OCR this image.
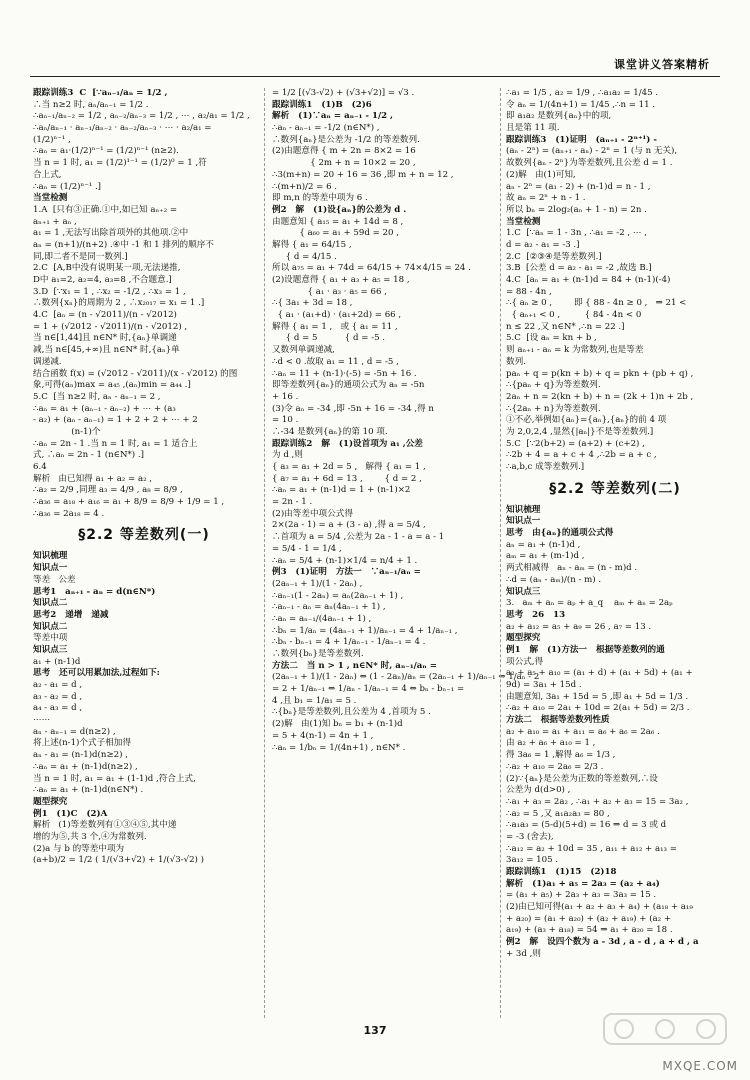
课堂讲义答案精析
跟踪训练3  C  [∵aₙ₋₁/aₙ = 1/2 ,
∴当 n≥2 时, aₙ/aₙ₋₁ = 1/2 .
∴aₙ₋₁/aₙ₋₂ = 1/2 , aₙ₋₂/aₙ₋₃ = 1/2 , ⋯ , a₂/a₁ = 1/2 ,
∴aₙ/aₙ₋₁ · aₙ₋₁/aₙ₋₂ · aₙ₋₂/aₙ₋₃ · ⋯ · a₂/a₁ =
(1/2)ⁿ⁻¹ ,
∴aₙ = a₁·(1/2)ⁿ⁻¹ = (1/2)ⁿ⁻¹ (n≥2).
当 n = 1 时, a₁ = (1/2)¹⁻¹ = (1/2)⁰ = 1 ,符
合上式,
∴aₙ = (1/2)ⁿ⁻¹ .]
当堂检测
1.A  [只有③正确.①中,如已知 aₙ₊₂ =
aₙ₊₁ + aₙ ,
a₁ = 1 ,无法写出除首项外的其他项.②中
aₙ = (n+1)/(n+2) .④中 -1 和 1 排列的顺序不
同,即二者不是同一数列.]
2.C  [A,B中没有说明某一项,无法递推,
D中 a₁=2, a₂=4, a₃=8 ,不合题意.]
3.D  [∵x₁ = 1 , ∴x₂ = -1/2 , ∴x₃ = 1 ,
∴数列{xₙ}的周期为 2 , ∴x₂₀₁₇ = x₁ = 1 .]
4.C  [aₙ = (n - √2011)/(n - √2012)
= 1 + (√2012 - √2011)/(n - √2012) ,
当 n∈[1,44]且 n∈N* 时,{aₙ}单调递
减,当 n∈[45,+∞)且 n∈N* 时,{aₙ}单
调递减.
结合函数 f(x) = (√2012 - √2011)/(x - √2012) 的图
象,可得(aₙ)max = a₄₅ ,(aₙ)min = a₄₄ .]
5.C  [当 n≥2 时, aₙ - aₙ₋₁ = 2 ,
∴aₙ = a₁ + (aₙ₋₁ - aₙ₋₂) + ⋯ + (a₃
- a₂) + (aₙ - aₙ₋₁) = 1 + 2 + 2 + ⋯ + 2
(n-1)个
∴aₙ = 2n - 1 .当 n = 1 时, a₁ = 1 适合上
式, ∴aₙ = 2n - 1 (n∈N*) .]
6.4
解析   由已知得 a₁ + a₂ = a₂ ,
∴a₂ = 2/9 ,同理 a₃ = 4/9 , a₈ = 8/9 ,
∴a₃₆ = a₁₈ + a₁₆ = a₁ + 8/9 = 8/9 + 1/9 = 1 ,
∴a₃₆ = 2a₁₈ = 4 .
§2.2 等差数列(一)
知识梳理
知识点一
等差   公差
思考1   aₙ₊₁ - aₙ = d(n∈N*)
知识点二
思考2   递增   递减
知识点二
等差中项
知识点三
a₁ + (n-1)d
思考   还可以用累加法,过程如下:
a₂ - a₁ = d ,
a₃ - a₂ = d ,
a₄ - a₃ = d ,
⋯⋯
aₙ - aₙ₋₁ = d(n≥2) ,
将上述(n-1)个式子相加得
aₙ - a₁ = (n-1)d(n≥2) ,
∴aₙ = a₁ + (n-1)d(n≥2) ,
当 n = 1 时, a₁ = a₁ + (1-1)d ,符合上式,
∴aₙ = a₁ + (n-1)d(n∈N*) .
题型探究
例1   (1)C   (2)A
解析   (1)等差数列有①③④⑤,其中递
增的为⑤,共 3 个,④为常数列.
(2)a 与 b 的等差中项为
(a+b)/2 = 1/2 ( 1/(√3+√2) + 1/(√3-√2) )
= 1/2 [(√3-√2) + (√3+√2)] = √3 .
跟踪训练1   (1)B   (2)6
解析   (1)∵aₙ = aₙ₋₁ - 1/2 ,
∴aₙ - aₙ₋₁ = -1/2 (n∈N*) ,
∴数列{aₙ}是公差为 -1/2 的等差数列.
(2)由题意得 { m + 2n = 8×2 = 16
{ 2m + n = 10×2 = 20 ,
∴3(m+n) = 20 + 16 = 36 ,即 m + n = 12 ,
∴(m+n)/2 = 6 .
即 m,n 的等差中项为 6 .
例2   解   (1)设{aₙ}的公差为 d .
由题意知 { a₁₅ = a₁ + 14d = 8 ,
{ a₆₀ = a₁ + 59d = 20 ,
解得 { a₁ = 64/15 ,
{ d = 4/15 .
所以 a₇₅ = a₁ + 74d = 64/15 + 74×4/15 = 24 .
(2)设题意得 { a₁ + a₃ + a₅ = 18 ,
{ a₁ · a₃ · a₅ = 66 ,
∴{ 3a₁ + 3d = 18 ,
{ a₁ · (a₁+d) · (a₁+2d) = 66 ,
解得 { a₁ = 1 ,   或 { a₁ = 11 ,
{ d = 5          { d = -5 .
又数列单调递减,
∴d < 0 .故取 a₁ = 11 , d = -5 ,
∴aₙ = 11 + (n-1)·(-5) = -5n + 16 .
即等差数列{aₙ}的通项公式为 aₙ = -5n
+ 16 .
(3)令 aₙ = -34 ,即 -5n + 16 = -34 ,得 n
= 10 .
∴-34 是数列{aₙ}的第 10 项.
跟踪训练2   解   (1)设首项为 a₁ ,公差
为 d ,则
{ a₃ = a₁ + 2d = 5 ,   解得 { a₁ = 1 ,
{ a₇ = a₁ + 6d = 13 ,        { d = 2 ,
∴aₙ = a₁ + (n-1)d = 1 + (n-1)×2
= 2n - 1 .
(2)由等差中项公式得
2×(2a - 1) = a + (3 - a) ,得 a = 5/4 ,
∴首项为 a = 5/4 ,公差为 2a - 1 - a = a - 1
= 5/4 - 1 = 1/4 ,
∴aₙ = 5/4 + (n-1)×1/4 = n/4 + 1 .
例3   (1)证明   方法一   ∵aₙ₋₁/aₙ =
(2aₙ₋₁ + 1)/(1 - 2aₙ) ,
∴aₙ₋₁(1 - 2aₙ) = aₙ(2aₙ₋₁ + 1) ,
∴aₙ₋₁ - aₙ = aₙ(4aₙ₋₁ + 1) ,
∴aₙ = aₙ₋₁/(4aₙ₋₁ + 1) ,
∴bₙ = 1/aₙ = (4aₙ₋₁ + 1)/aₙ₋₁ = 4 + 1/aₙ₋₁ ,
∴bₙ - bₙ₋₁ = 4 + 1/aₙ₋₁ - 1/aₙ₋₁ = 4 .
∴数列{bₙ}是等差数列.
方法二   当 n > 1 , n∈N* 时, aₙ₋₁/aₙ =
(2aₙ₋₁ + 1)/(1 - 2aₙ) ⇔ (1 - 2aₙ)/aₙ = (2aₙ₋₁ + 1)/aₙ₋₁ ⇔ 1/aₙ - 2
= 2 + 1/aₙ₋₁ ⇔ 1/aₙ - 1/aₙ₋₁ = 4 ⇔ bₙ - bₙ₋₁ =
4 ,且 b₁ = 1/a₁ = 5 .
∴{bₙ}是等差数列,且公差为 4 ,首项为 5 .
(2)解   由(1)知 bₙ = b₁ + (n-1)d
= 5 + 4(n-1) = 4n + 1 ,
∴aₙ = 1/bₙ = 1/(4n+1) , n∈N* .
∴a₁ = 1/5 , a₂ = 1/9 , ∴a₁a₂ = 1/45 .
令 aₙ = 1/(4n+1) = 1/45 ,∴n = 11 .
即 a₁a₂ 是数列{aₙ}中的项,
且是第 11 项.
跟踪训练3   (1)证明   (aₙ₊₁ - 2ⁿ⁺¹) -
(aₙ - 2ⁿ) = (aₙ₊₁ - aₙ) - 2ⁿ = 1 (与 n 无关),
故数列{aₙ - 2ⁿ}为等差数列,且公差 d = 1 .
(2)解   由(1)可知,
aₙ - 2ⁿ = (a₁ - 2) + (n-1)d = n - 1 ,
故 aₙ = 2ⁿ + n - 1 .
所以 bₙ = 2log₂(aₙ + 1 - n) = 2n .
当堂检测
1.C  [∵aₙ = 1 - 3n , ∴a₁ = -2 , ⋯ ,
d = a₂ - a₁ = -3 .]
2.C  [②③④是等差数列.]
3.B  [公差 d = a₂ - a₁ = -2 ,故选 B.]
4.C  [aₙ = a₁ + (n-1)d = 84 + (n-1)(-4)
= 88 - 4n ,
∴{ aₙ ≥ 0 ,        即 { 88 - 4n ≥ 0 ,   ⇒ 21 <
{ aₙ₊₁ < 0 ,         { 84 - 4n < 0
n ≤ 22 ,又 n∈N* ,∴n = 22 .]
5.C  [设 aₙ = kn + b ,
则 aₙ₊₁ - aₙ = k 为常数列,也是等差
数列.
paₙ + q = p(kn + b) + q = pkn + (pb + q) ,
∴{paₙ + q}为等差数列.
2aₙ + n = 2(kn + b) + n = (2k + 1)n + 2b ,
∴{2aₙ + n}为等差数列.
①不必,举例如{aₙ}={aₙ},{aₙ}的前 4 项
为 2,0,2,4 ,显然{|aₙ|}不是等差数列.]
5.C  [∵2(b+2) = (a+2) + (c+2) ,
∴2b + 4 = a + c + 4 ,∴2b = a + c ,
∴a,b,c 成等差数列.]
§2.2 等差数列(二)
知识梳理
知识点一
思考   由{aₙ}的通项公式得
aₙ = a₁ + (n-1)d ,
aₘ = a₁ + (m-1)d ,
两式相减得   aₙ - aₘ = (n - m)d .
∴d = (aₙ - aₘ)/(n - m) .
知识点三
3.   aₘ + aₙ = aₚ + a_q    aₘ + aₙ = 2aₚ
思考   26   13
a₂ + a₁₂ = a₅ + a₉ = 26 , a₇ = 13 .
题型探究
例1   解   (1)方法一   根据等差数列的通
项公式,得
a₂ + a₅ + a₁₀ = (a₁ + d) + (a₁ + 5d) + (a₁ +
9d) = 3a₁ + 15d .
由题意知, 3a₁ + 15d = 5 ,即 a₁ + 5d = 1/3 .
∴a₂ + a₁₀ = 2a₁ + 10d = 2(a₁ + 5d) = 2/3 .
方法二   根据等差数列性质
a₂ + a₁₀ = a₁ + a₁₁ = a₆ + a₆ = 2a₆ .
由 a₂ + a₆ + a₁₀ = 1 ,
得 3a₆ = 1 ,解得 a₆ = 1/3 ,
∴a₂ + a₁₀ = 2a₆ = 2/3 .
(2)∵{aₙ}是公差为正数的等差数列,∴设
公差为 d(d>0) ,
∴a₁ + a₃ = 2a₂ , ∴a₁ + a₂ + a₃ = 15 = 3a₂ ,
∴a₂ = 5 ,又 a₁a₂a₃ = 80 ,
∴a₁a₃ = (5-d)(5+d) = 16 ⇒ d = 3 或 d
= -3 (舍去),
∴a₁₂ = a₂ + 10d = 35 , a₁₁ + a₁₂ + a₁₃ =
3a₁₂ = 105 .
跟踪训练1   (1)15   (2)18
解析   (1)a₁ + a₅ = 2a₃ = (a₂ + a₄)
= (a₁ + a₅) + 2a₃ + a₃ = 3a₃ = 15 .
(2)由已知可得(a₁ + a₂ + a₃ + a₄) + (a₁₈ + a₁₉
+ a₂₀) = (a₁ + a₂₀) + (a₂ + a₁₉) + (a₂ +
a₁₉) + (a₃ + a₁₈) = 54 ⇒ a₁ + a₂₀ = 18 .
例2   解   设四个数为 a - 3d , a - d , a + d , a
+ 3d ,则
137
MXQE.COM
